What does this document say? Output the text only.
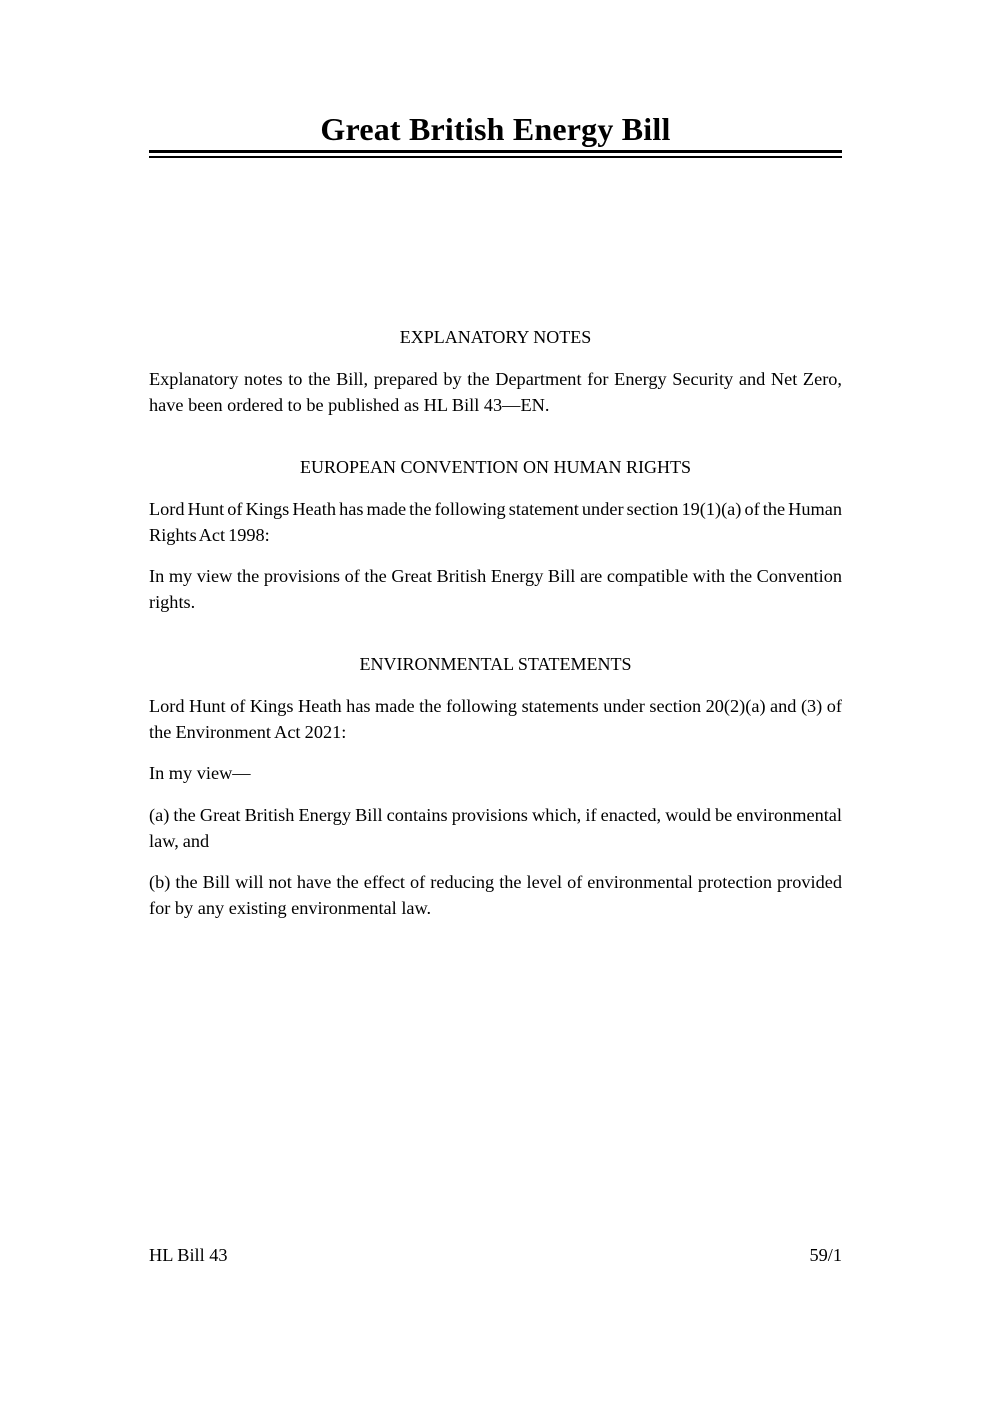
Great British Energy Bill
EXPLANATORY NOTES

Explanatory notes to the Bill, prepared by the Department for Energy Security and Net Zero, have been ordered to be published as HL Bill 43—EN.

EUROPEAN CONVENTION ON HUMAN RIGHTS

Lord Hunt of Kings Heath has made the following statement under section 19(1)(a) of the Human Rights Act 1998:

In my view the provisions of the Great British Energy Bill are compatible with the Convention rights.

ENVIRONMENTAL STATEMENTS

Lord Hunt of Kings Heath has made the following statements under section 20(2)(a) and (3) of the Environment Act 2021:

In my view—

(a) the Great British Energy Bill contains provisions which, if enacted, would be environmental law, and

(b) the Bill will not have the effect of reducing the level of environmental protection provided for by any existing environmental law.

HL Bill 43	59/1
